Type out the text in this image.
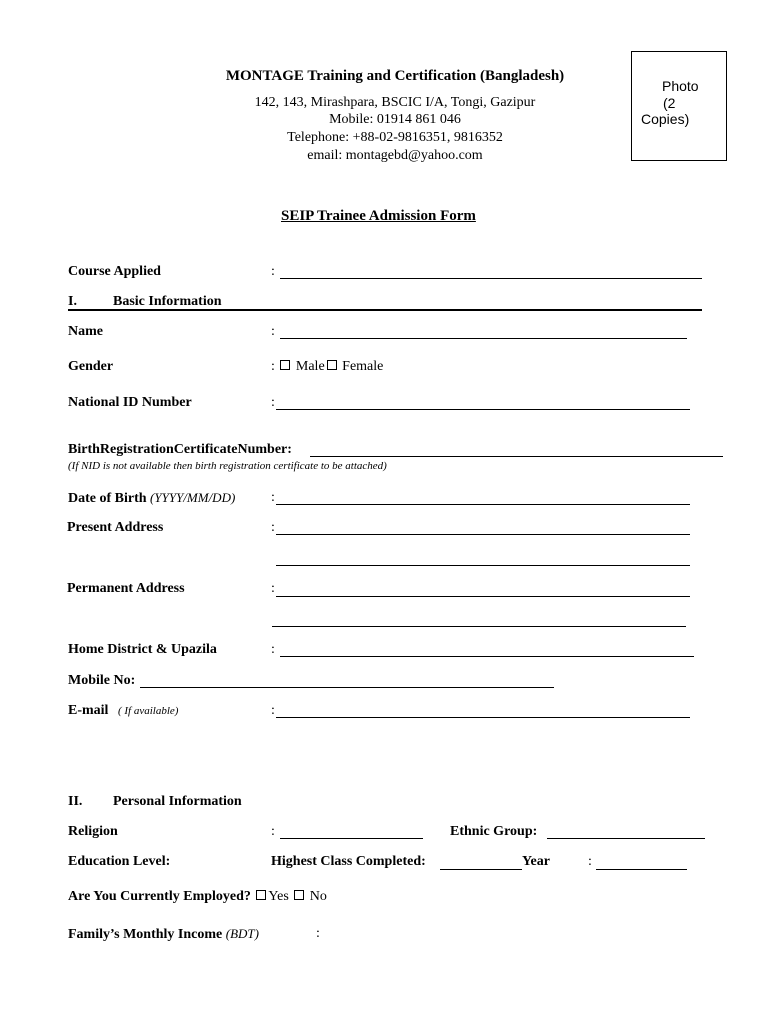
MONTAGE Training and Certification (Bangladesh)
142, 143, Mirashpara, BSCIC I/A, Tongi, Gazipur
Mobile: 01914 861 046
Telephone: +88-02-9816351, 9816352
email: montagebd@yahoo.com
Photo
(2
Copies)
SEIP Trainee Admission Form
Course Applied	:
I.	Basic Information
Name	:
Gender	: Male Female
National ID Number	:
BirthRegistrationCertificateNumber:
(If NID is not available then birth registration certificate to be attached)
Date of Birth (YYYY/MM/DD)	:
Present Address	:
Permanent Address	:
Home District & Upazila	:
Mobile No:
E-mail ( If available)	:
II. Personal Information
Religion	:	Ethnic Group:
Education Level:	Highest Class Completed:	Year	:
Are You Currently Employed? Yes No
Family’s Monthly Income (BDT)	:
